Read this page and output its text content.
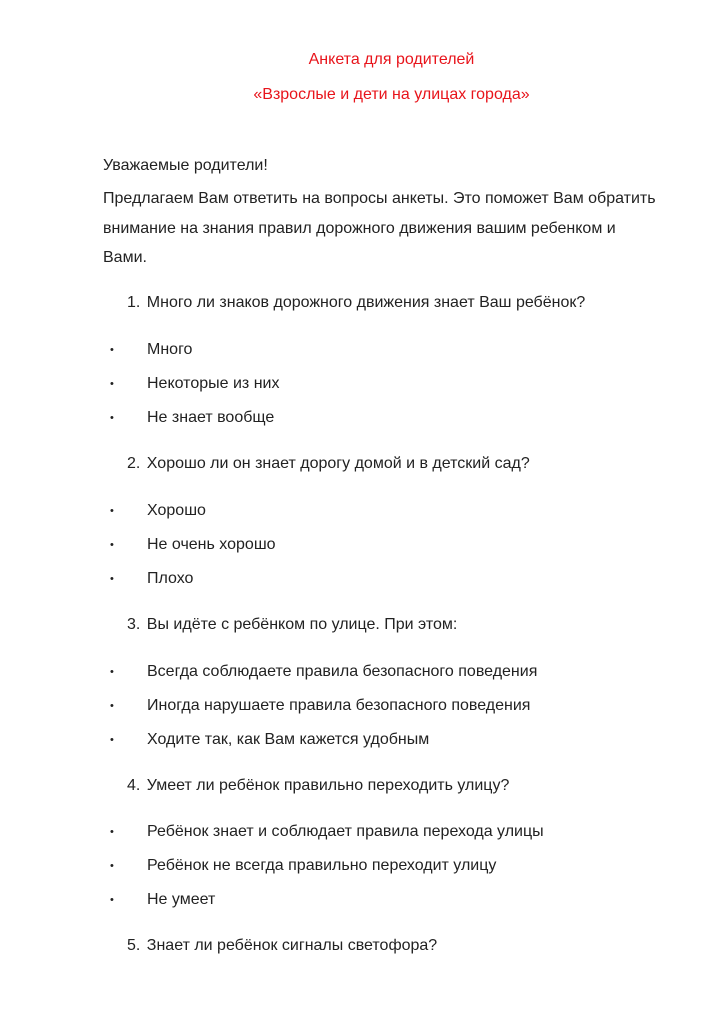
Анкета для родителей
«Взрослые и дети на улицах города»
Уважаемые родители!
Предлагаем Вам ответить на вопросы анкеты. Это поможет Вам обратить внимание на знания правил дорожного движения вашим ребенком и Вами.
1. Много ли знаков дорожного движения знает Ваш ребёнок?
• Много
• Некоторые из них
• Не знает вообще
2. Хорошо ли он знает дорогу домой и в детский сад?
• Хорошо
• Не очень хорошо
• Плохо
3. Вы идёте с ребёнком по улице. При этом:
• Всегда соблюдаете правила безопасного поведения
• Иногда нарушаете правила безопасного поведения
• Ходите так, как Вам кажется удобным
4. Умеет ли ребёнок правильно переходить улицу?
• Ребёнок знает и соблюдает правила перехода улицы
• Ребёнок не всегда правильно переходит улицу
• Не умеет
5. Знает ли ребёнок сигналы светофора?
